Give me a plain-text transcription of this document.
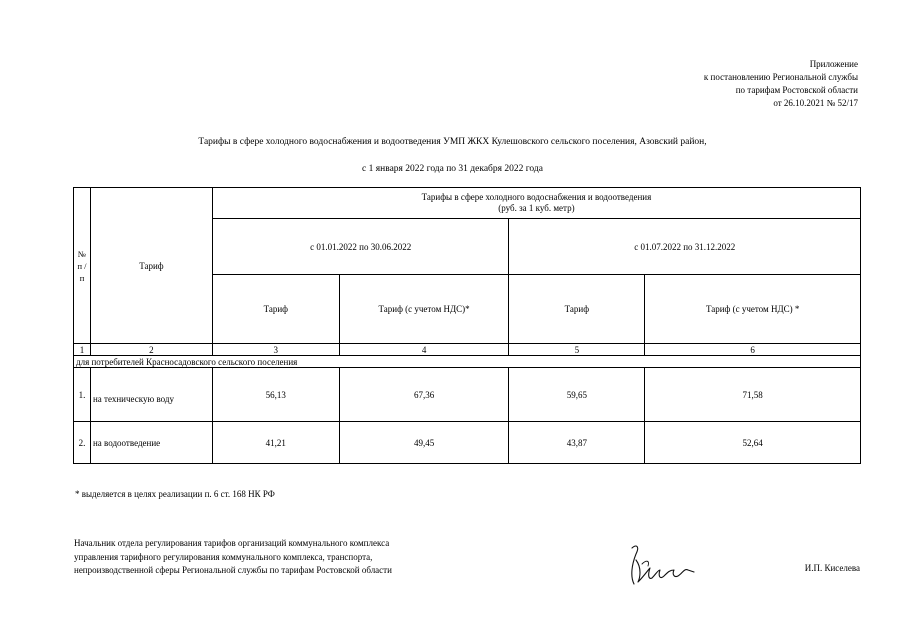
Приложение
к постановлению Региональной службы
по тарифам Ростовской области
от 26.10.2021 № 52/17
Тарифы в сфере холодного водоснабжения и водоотведения УМП ЖКХ Кулешовского сельского поселения, Азовский район,
с 1 января 2022 года по 31 декабря 2022 года
№ п /п	Тариф	Тарифы в сфере холодного водоснабжения и водоотведения
(руб. за 1 куб. метр)			

		с 01.01.2022 по 30.06.2022		с 01.07.2022 по 31.12.2022	
		Тариф	Тариф (с учетом НДС)*	Тариф	Тариф (с учетом НДС) *
1	2	3	4	5	6
для потребителей Красносадовского сельского поселения					
1.	на техническую воду	56,13	67,36	59,65	71,58
2.	на водоотведение	41,21	49,45	43,87	52,64
* выделяется в целях реализации п. 6 ст. 168 НК РФ
Начальник отдела регулирования тарифов организаций коммунального комплекса
управления тарифного регулирования коммунального комплекса, транспорта,
непроизводственной сферы Региональной службы по тарифам Ростовской области	И.П. Киселева
